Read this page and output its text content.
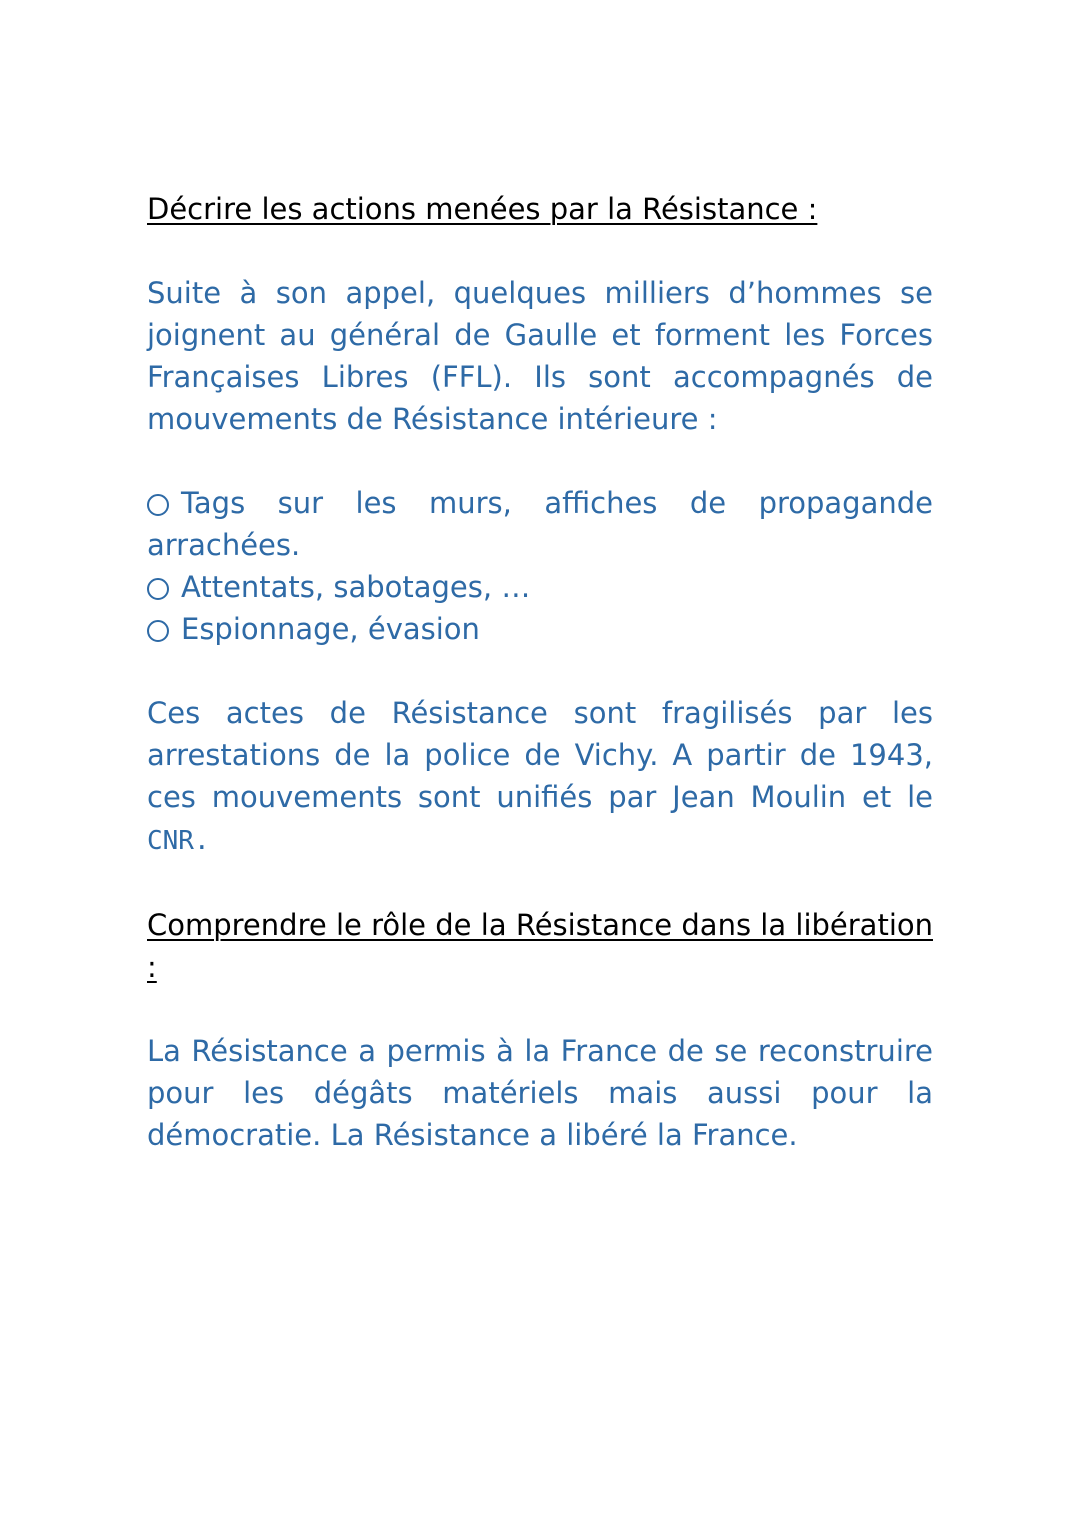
Décrire les actions menées par la Résistance :

Suite à son appel, quelques milliers d’hommes se joignent au général de Gaulle et forment les Forces Françaises Libres (FFL). Ils sont accompagnés de mouvements de Résistance intérieure :

Tags sur les murs, affiches de propagande arrachées.
Attentats, sabotages, …
Espionnage, évasion

Ces actes de Résistance sont fragilisés par les arrestations de la police de Vichy. A partir de 1943, ces mouvements sont unifiés par Jean Moulin et le CNR.

Comprendre le rôle de la Résistance dans la libération :

La Résistance a permis à la France de se reconstruire pour les dégâts matériels mais aussi pour la démocratie. La Résistance a libéré la France.
